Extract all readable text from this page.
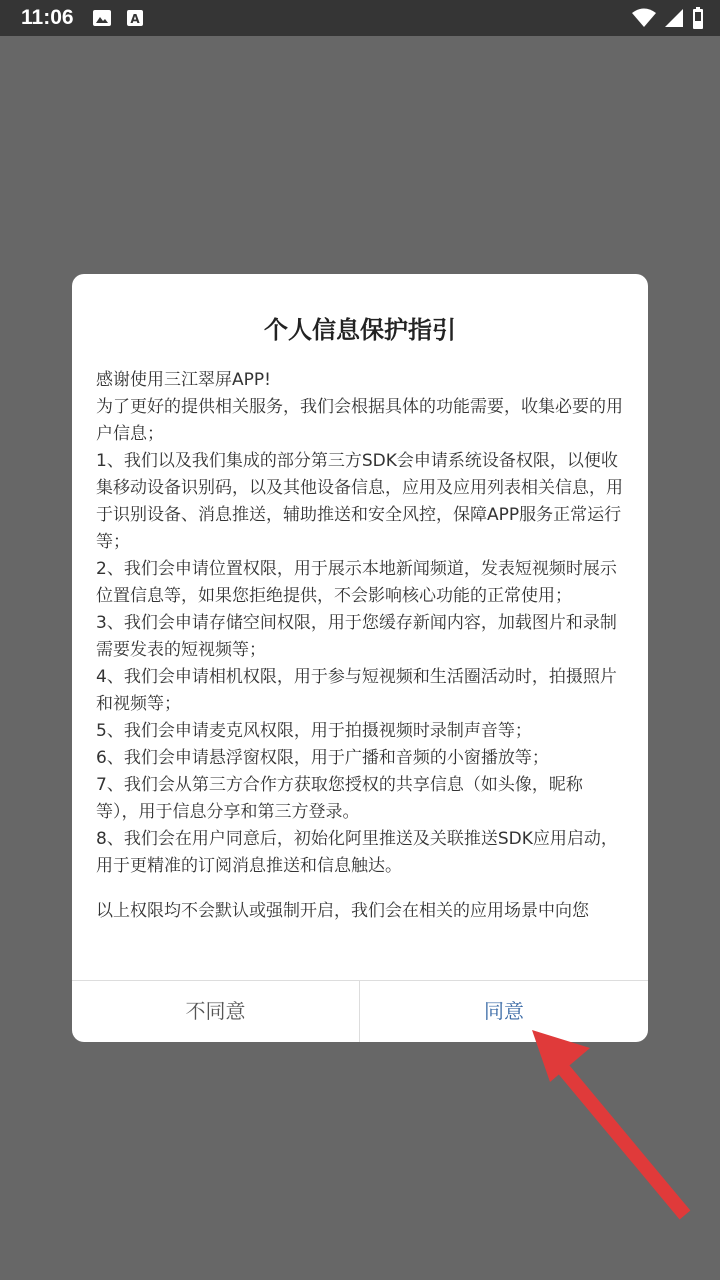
11:06	A
个人信息保护指引

感谢使用三江翠屏APP!

为了更好的提供相关服务，我们会根据具体的功能需要，收集必要的用户信息；

1、我们以及我们集成的部分第三方SDK会申请系统设备权限，以便收集移动设备识别码，以及其他设备信息，应用及应用列表相关信息，用于识别设备、消息推送，辅助推送和安全风控，保障APP服务正常运行等；

2、我们会申请位置权限，用于展示本地新闻频道，发表短视频时展示位置信息等，如果您拒绝提供，不会影响核心功能的正常使用；

3、我们会申请存储空间权限，用于您缓存新闻内容，加载图片和录制需要发表的短视频等；

4、我们会申请相机权限，用于参与短视频和生活圈活动时，拍摄照片和视频等；

5、我们会申请麦克风权限，用于拍摄视频时录制声音等；

6、我们会申请悬浮窗权限，用于广播和音频的小窗播放等；

7、我们会从第三方合作方获取您授权的共享信息（如头像，昵称等），用于信息分享和第三方登录。

8、我们会在用户同意后，初始化阿里推送及关联推送SDK应用启动，用于更精准的订阅消息推送和信息触达。

以上权限均不会默认或强制开启，我们会在相关的应用场景中向您

不同意	同意
